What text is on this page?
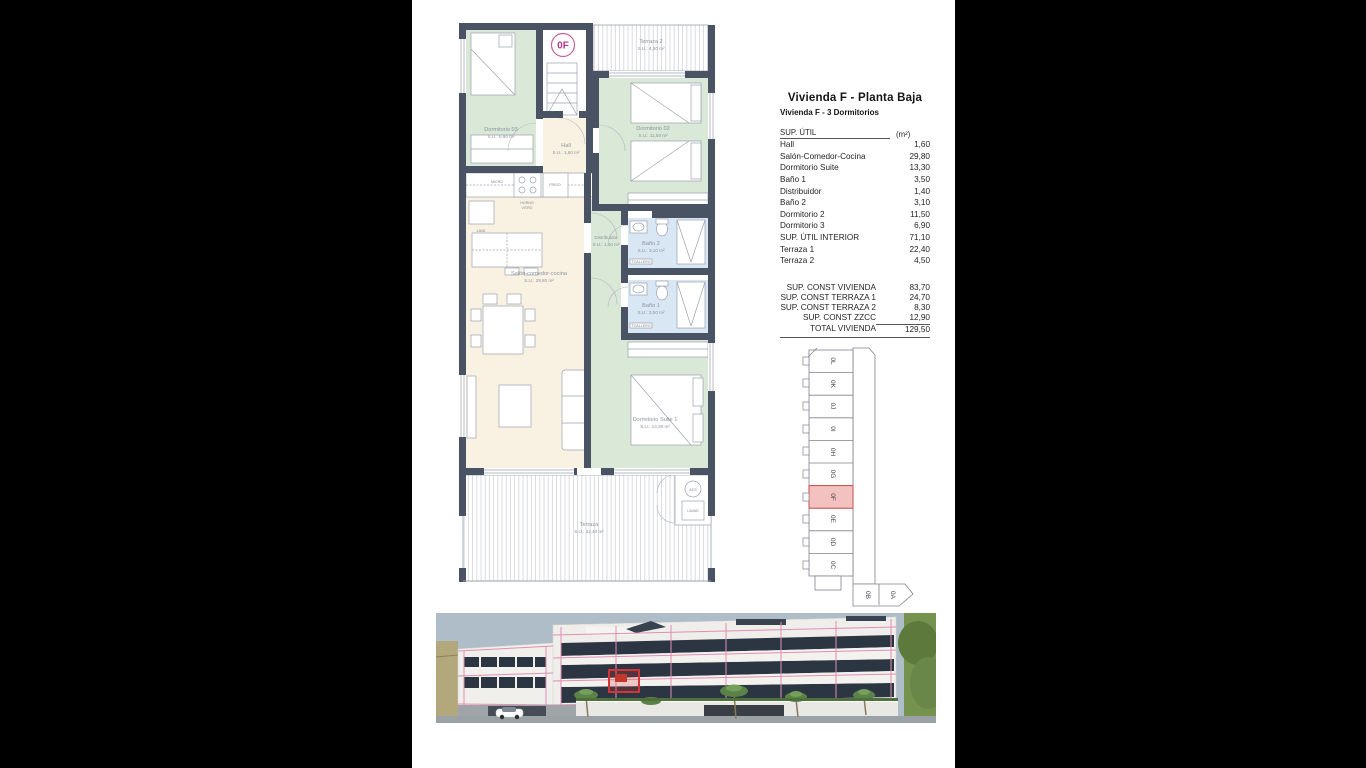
0F	Terraza 2
S.U.: 4,50 m²
Dormitorio 03
S.U.: 6,90 m²
Dormitorio 02
S.U.: 11,50 m²
Hall
S.U.: 1,60 m²
Salón-comedor-cocina
S.U.: 29,80 m²
Distribuidor
S.U.: 1,40 m²	Baño 2
S.U.: 3,10 m²
Baño 1
S.U.: 3,50 m²
Dormitorio Suite 1
S.U.: 13,30 m²
Terraza
S.U.: 22,40 m²
MICRO
FRIGO
HORNO
VITRO
LAVA
TOALLERO
TOALLERO
ACS
LAVAD
Vivienda F - Planta Baja
Vivienda F - 3 Dormitorios
SUP. ÚTIL	(m²)
Hall	1,60
Salón-Comedor-Cocina	29,80
Dormitorio Suite	13,30
Baño 1	3,50
Distribuidor	1,40
Baño 2	3,10
Dormitorio 2	11,50
Dormitorio 3	6,90
SUP. ÚTIL INTERIOR	71,10
Terraza 1	22,40
Terraza 2	4,50
SUP. CONST VIVIENDA	83,70
SUP. CONST TERRAZA 1	24,70
SUP. CONST TERRAZA 2	8,30
SUP. CONST ZZCC	12,90
TOTAL VIVIENDA	129,50
0L
0K
0J
0I
0H
0G
0F
0E
0D
0C
0B	0A
